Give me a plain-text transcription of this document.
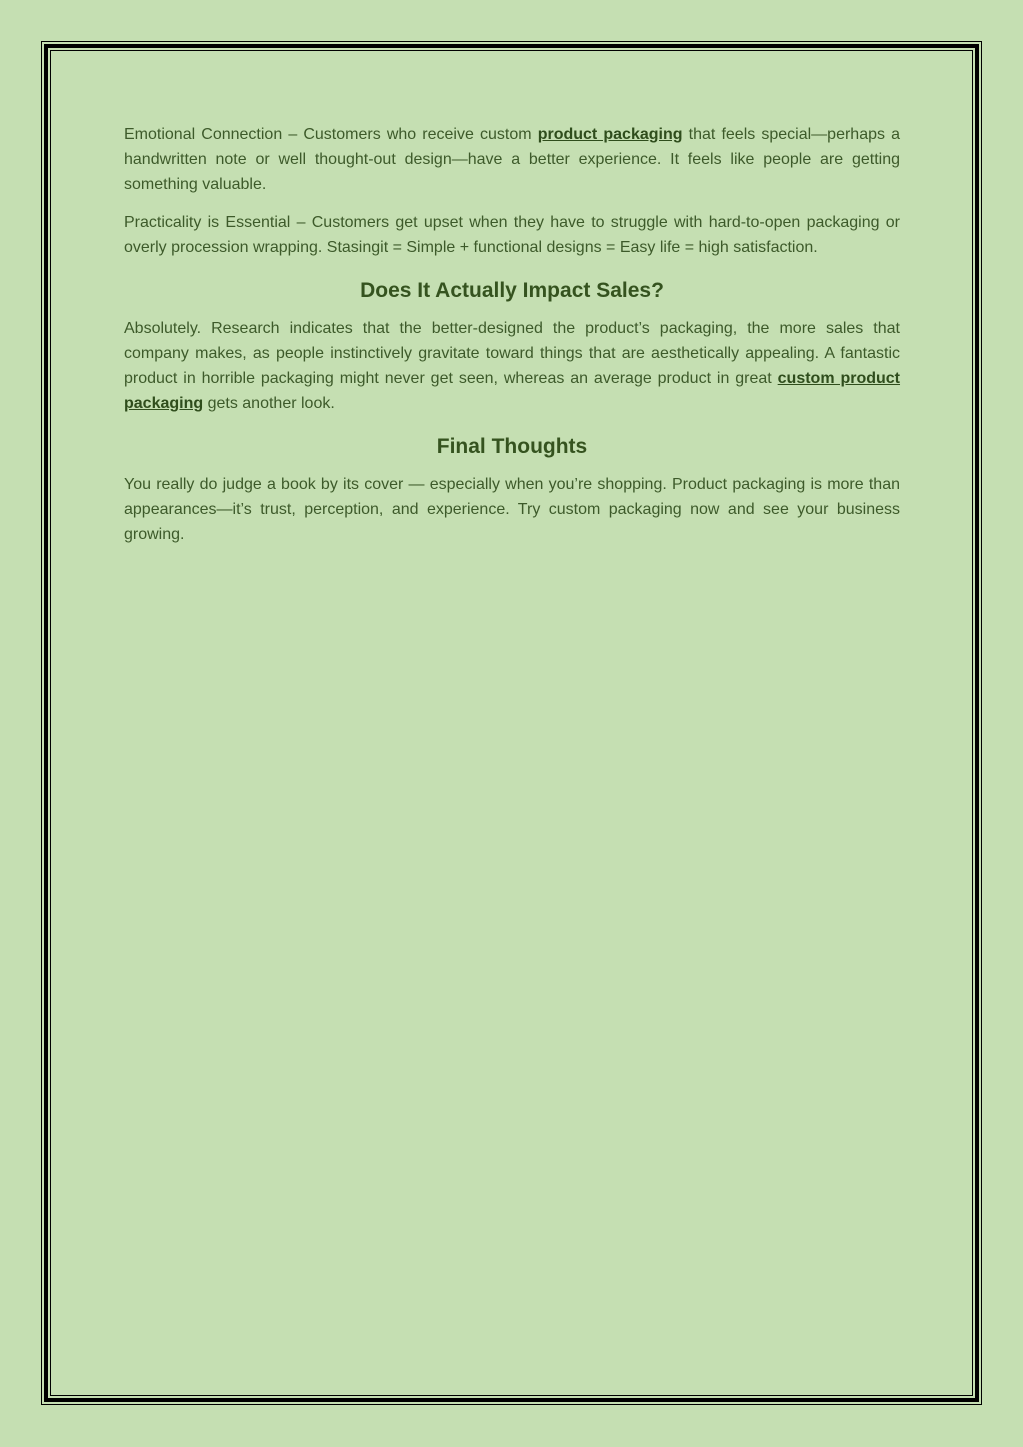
Emotional Connection – Customers who receive custom product packaging that feels special—perhaps a handwritten note or well thought-out design—have a better experience. It feels like people are getting something valuable.

Practicality is Essential – Customers get upset when they have to struggle with hard-to-open packaging or overly procession wrapping. Stasingit = Simple + functional designs = Easy life = high satisfaction.

Does It Actually Impact Sales?

Absolutely. Research indicates that the better-designed the product’s packaging, the more sales that company makes, as people instinctively gravitate toward things that are aesthetically appealing. A fantastic product in horrible packaging might never get seen, whereas an average product in great custom product packaging gets another look.

Final Thoughts

You really do judge a book by its cover — especially when you’re shopping. Product packaging is more than appearances—it’s trust, perception, and experience. Try custom packaging now and see your business growing.
